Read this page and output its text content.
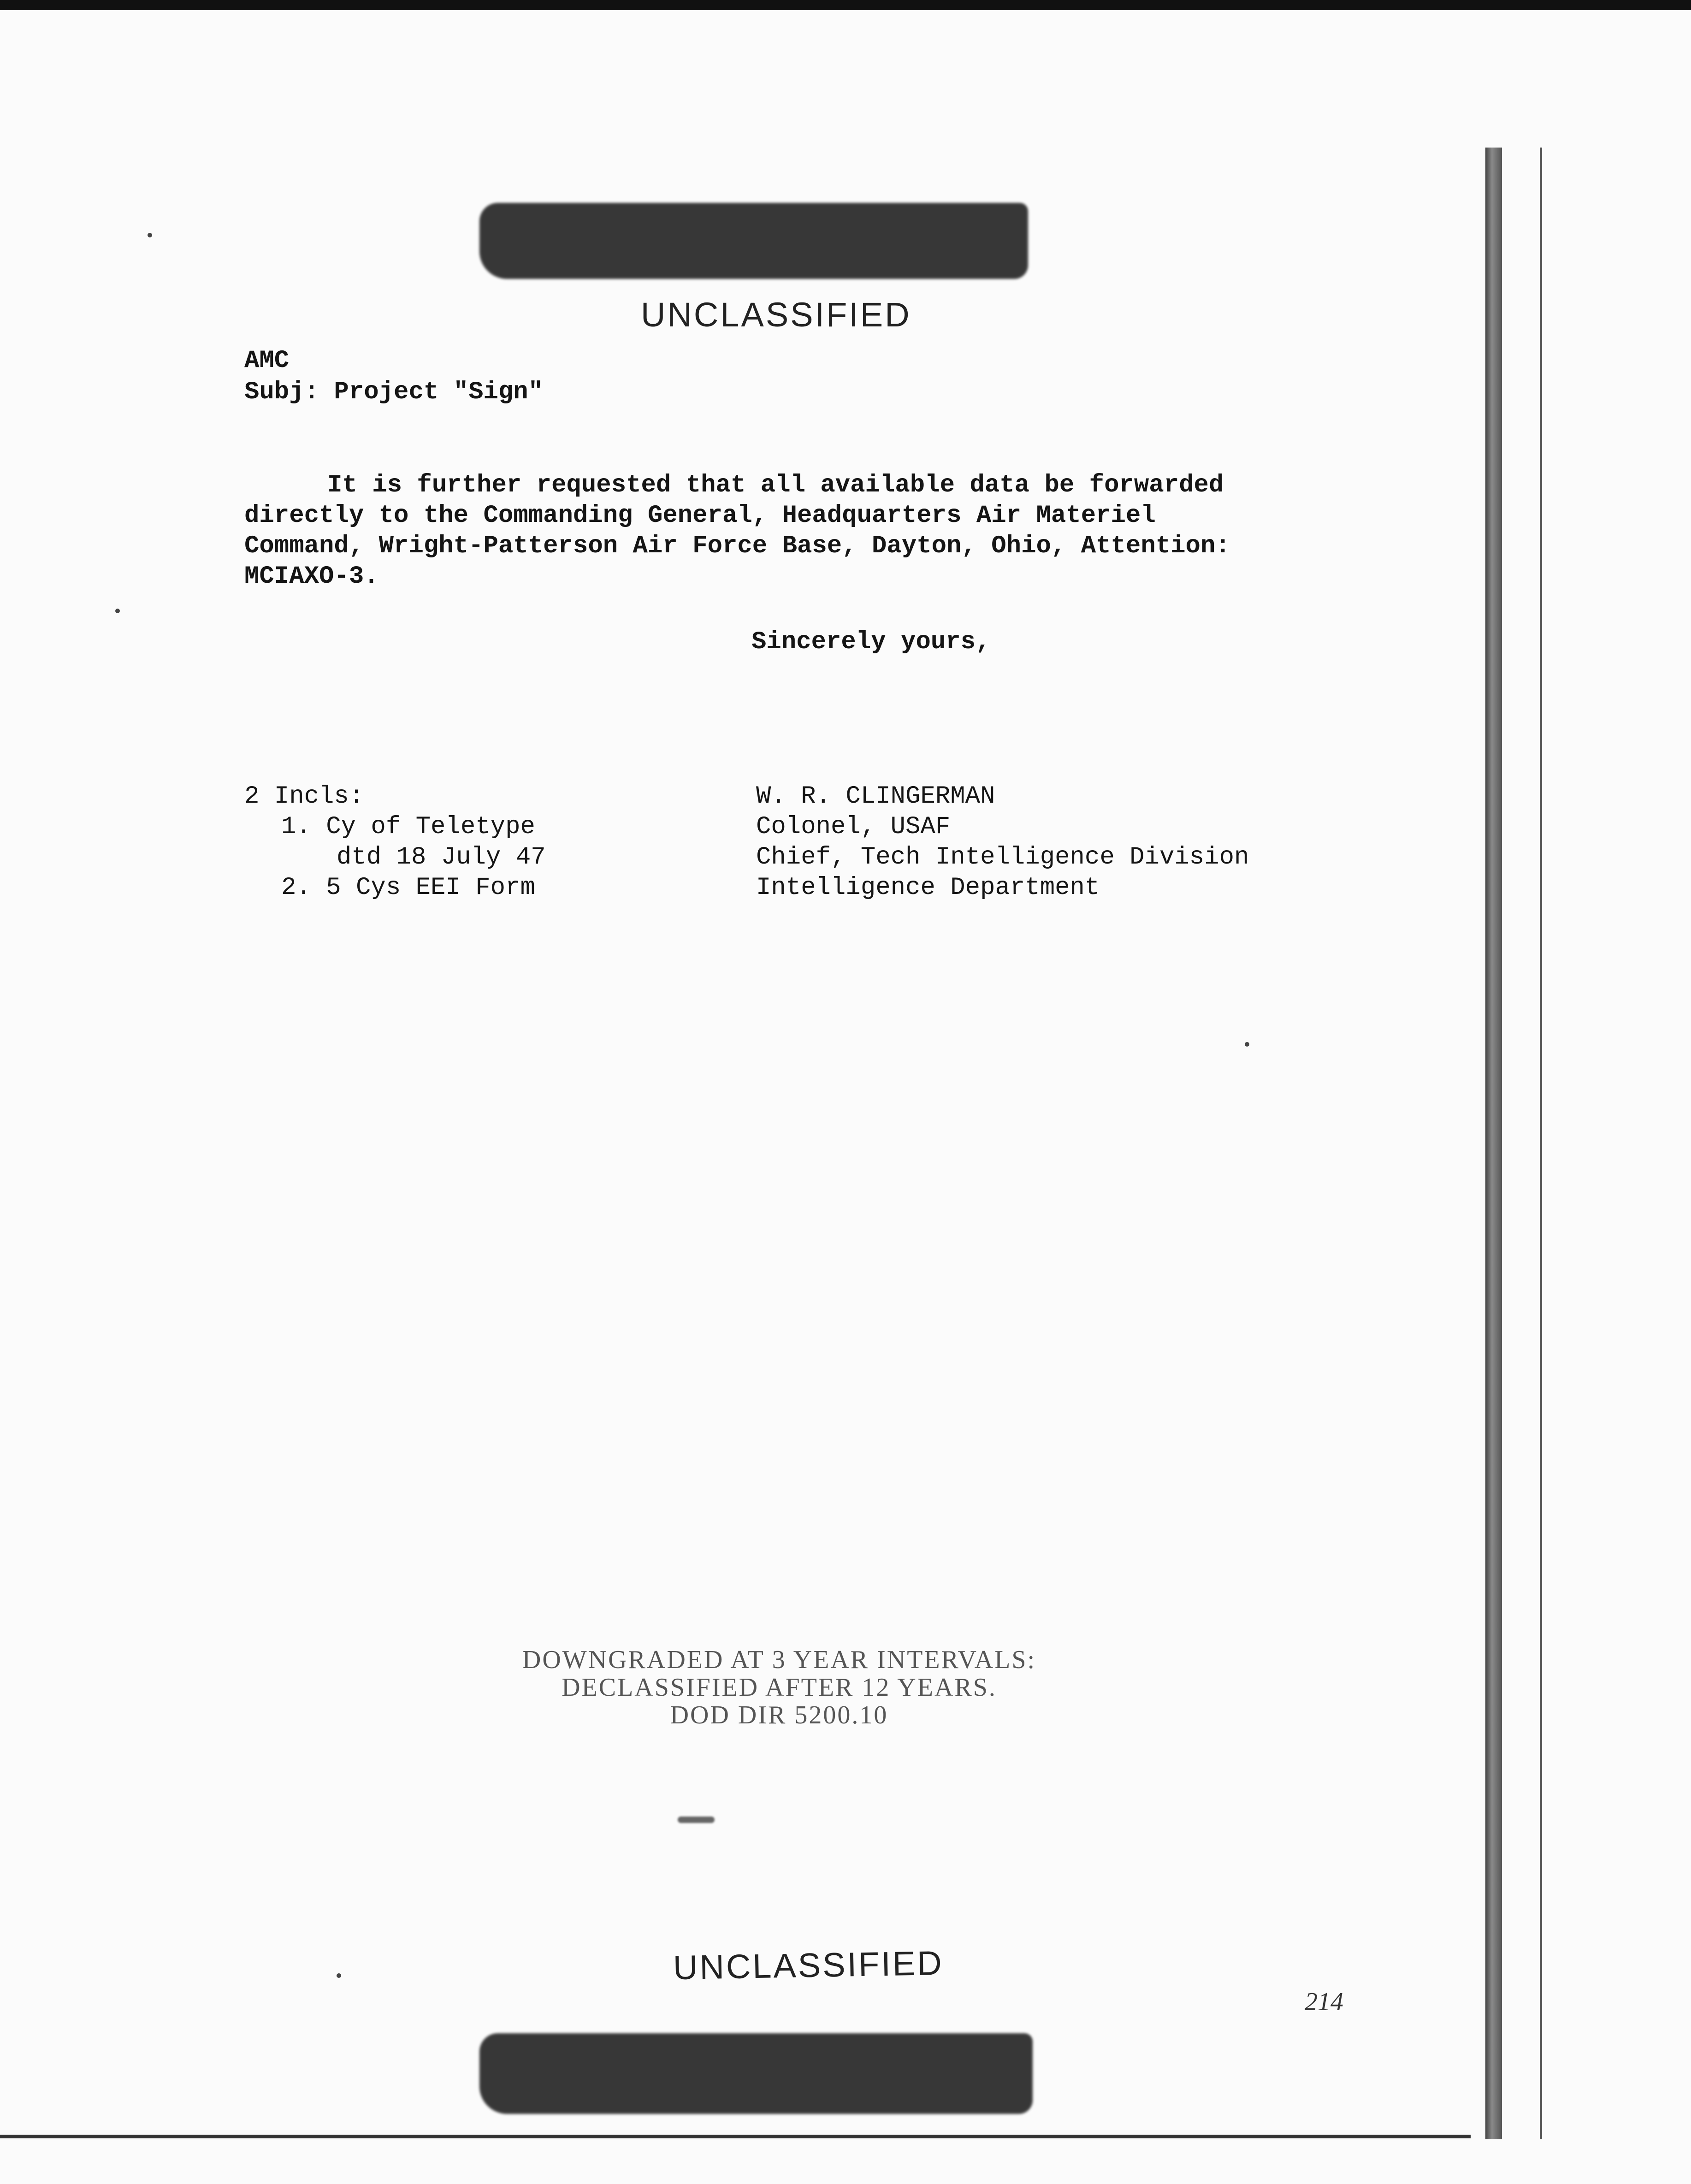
UNCLASSIFIED
AMC
Subj: Project "Sign"
It is further requested that all available data be forwarded
directly to the Commanding General, Headquarters Air Materiel
Command, Wright-Patterson Air Force Base, Dayton, Ohio, Attention:
MCIAXO-3.
Sincerely yours,
2 Incls:
1. Cy of Teletype
dtd 18 July 47
2. 5 Cys EEI Form
W. R. CLINGERMAN
Colonel, USAF
Chief, Tech Intelligence Division
Intelligence Department
DOWNGRADED AT 3 YEAR INTERVALS:
DECLASSIFIED AFTER 12 YEARS.
DOD DIR 5200.10
UNCLASSIFIED
214
